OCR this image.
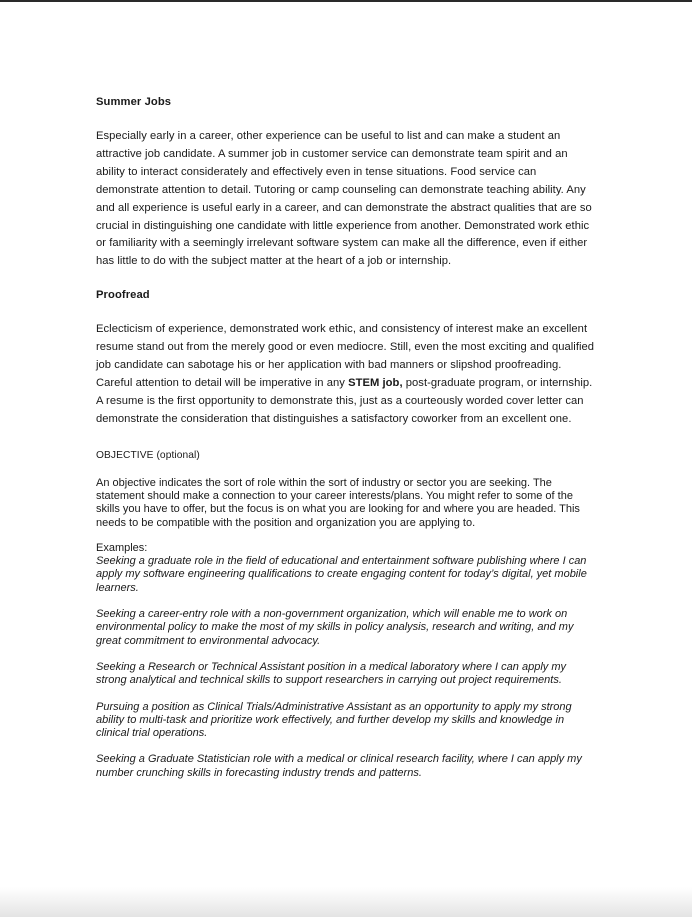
Summer Jobs

Especially early in a career, other experience can be useful to list and can make a student an attractive job candidate. A summer job in customer service can demonstrate team spirit and an ability to interact considerately and effectively even in tense situations. Food service can demonstrate attention to detail. Tutoring or camp counseling can demonstrate teaching ability. Any and all experience is useful early in a career, and can demonstrate the abstract qualities that are so crucial in distinguishing one candidate with little experience from another. Demonstrated work ethic or familiarity with a seemingly irrelevant software system can make all the difference, even if either has little to do with the subject matter at the heart of a job or internship.

Proofread

Eclecticism of experience, demonstrated work ethic, and consistency of interest make an excellent resume stand out from the merely good or even mediocre. Still, even the most exciting and qualified job candidate can sabotage his or her application with bad manners or slipshod proofreading. Careful attention to detail will be imperative in any STEM job, post-graduate program, or internship. A resume is the first opportunity to demonstrate this, just as a courteously worded cover letter can demonstrate the consideration that distinguishes a satisfactory coworker from an excellent one.

OBJECTIVE (optional)

An objective indicates the sort of role within the sort of industry or sector you are seeking. The statement should make a connection to your career interests/plans. You might refer to some of the skills you have to offer, but the focus is on what you are looking for and where you are headed. This needs to be compatible with the position and organization you are applying to.

Examples:

Seeking a graduate role in the field of educational and entertainment software publishing where I can apply my software engineering qualifications to create engaging content for today’s digital, yet mobile learners.

Seeking a career-entry role with a non-government organization, which will enable me to work on environmental policy to make the most of my skills in policy analysis, research and writing, and my great commitment to environmental advocacy.

Seeking a Research or Technical Assistant position in a medical laboratory where I can apply my strong analytical and technical skills to support researchers in carrying out project requirements.

Pursuing a position as Clinical Trials/Administrative Assistant as an opportunity to apply my strong ability to multi-task and prioritize work effectively, and further develop my skills and knowledge in clinical trial operations.

Seeking a Graduate Statistician role with a medical or clinical research facility, where I can apply my number crunching skills in forecasting industry trends and patterns.
